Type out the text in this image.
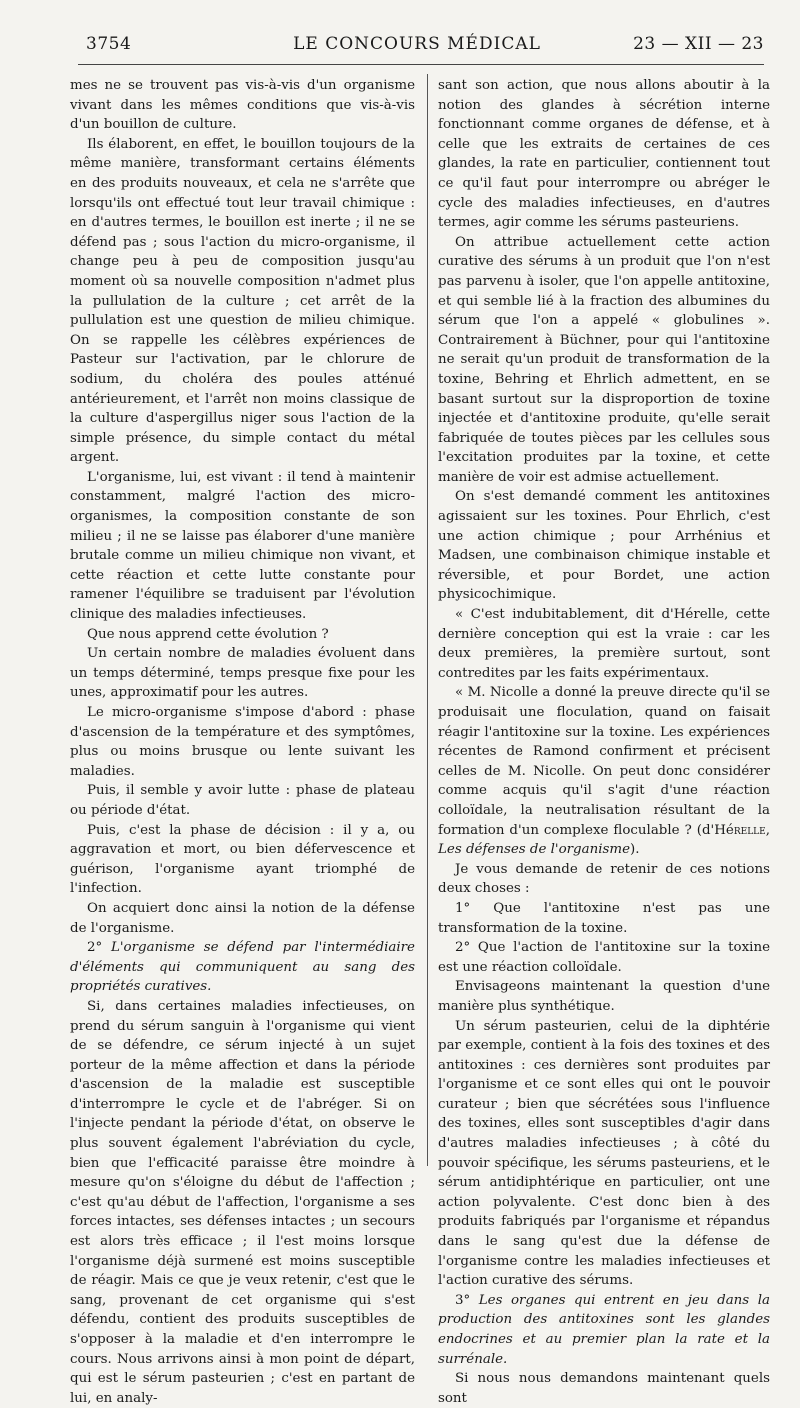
3754	LE CONCOURS MÉDICAL	23 — XII — 23

mes ne se trouvent pas vis-à-vis d'un organisme vivant dans les mêmes conditions que vis-à-vis d'un bouillon de culture.

Ils élaborent, en effet, le bouillon toujours de la même manière, transformant certains éléments en des produits nouveaux, et cela ne s'arrête que lorsqu'ils ont effectué tout leur travail chimique : en d'autres termes, le bouillon est inerte ; il ne se défend pas ; sous l'action du micro-organisme, il change peu à peu de composition jusqu'au moment où sa nouvelle composition n'admet plus la pullulation de la culture ; cet arrêt de la pullulation est une question de milieu chimique. On se rappelle les célèbres expériences de Pasteur sur l'activation, par le chlorure de sodium, du choléra des poules atténué antérieurement, et l'arrêt non moins classique de la culture d'aspergillus niger sous l'action de la simple présence, du simple contact du métal argent.

L'organisme, lui, est vivant : il tend à maintenir constamment, malgré l'action des micro-organismes, la composition constante de son milieu ; il ne se laisse pas élaborer d'une manière brutale comme un milieu chimique non vivant, et cette réaction et cette lutte constante pour ramener l'équilibre se traduisent par l'évolution clinique des maladies infectieuses.

Que nous apprend cette évolution ?

Un certain nombre de maladies évoluent dans un temps déterminé, temps presque fixe pour les unes, approximatif pour les autres.

Le micro-organisme s'impose d'abord : phase d'ascension de la température et des symptômes, plus ou moins brusque ou lente suivant les maladies.

Puis, il semble y avoir lutte : phase de plateau ou période d'état.

Puis, c'est la phase de décision : il y a, ou aggravation et mort, ou bien défervescence et guérison, l'organisme ayant triomphé de l'infection.

On acquiert donc ainsi la notion de la défense de l'organisme.

2° L'organisme se défend par l'intermédiaire d'éléments qui communiquent au sang des propriétés curatives.

Si, dans certaines maladies infectieuses, on prend du sérum sanguin à l'organisme qui vient de se défendre, ce sérum injecté à un sujet porteur de la même affection et dans la période d'ascension de la maladie est susceptible d'interrompre le cycle et de l'abréger. Si on l'injecte pendant la période d'état, on observe le plus souvent également l'abréviation du cycle, bien que l'efficacité paraisse être moindre à mesure qu'on s'éloigne du début de l'affection ; c'est qu'au début de l'affection, l'organisme a ses forces intactes, ses défenses intactes ; un secours est alors très efficace ; il l'est moins lorsque l'organisme déjà surmené est moins susceptible de réagir. Mais ce que je veux retenir, c'est que le sang, provenant de cet organisme qui s'est défendu, contient des produits susceptibles de s'opposer à la maladie et d'en interrompre le cours. Nous arrivons ainsi à mon point de départ, qui est le sérum pasteurien ; c'est en partant de lui, en analy-

sant son action, que nous allons aboutir à la notion des glandes à sécrétion interne fonctionnant comme organes de défense, et à celle que les extraits de certaines de ces glandes, la rate en particulier, contiennent tout ce qu'il faut pour interrompre ou abréger le cycle des maladies infectieuses, en d'autres termes, agir comme les sérums pasteuriens.

On attribue actuellement cette action curative des sérums à un produit que l'on n'est pas parvenu à isoler, que l'on appelle antitoxine, et qui semble lié à la fraction des albumines du sérum que l'on a appelé « globulines ». Contrairement à Büchner, pour qui l'antitoxine ne serait qu'un produit de transformation de la toxine, Behring et Ehrlich admettent, en se basant surtout sur la disproportion de toxine injectée et d'antitoxine produite, qu'elle serait fabriquée de toutes pièces par les cellules sous l'excitation produites par la toxine, et cette manière de voir est admise actuellement.

On s'est demandé comment les antitoxines agissaient sur les toxines. Pour Ehrlich, c'est une action chimique ; pour Arrhénius et Madsen, une combinaison chimique instable et réversible, et pour Bordet, une action physicochimique.

« C'est indubitablement, dit d'Hérelle, cette dernière conception qui est la vraie : car les deux premières, la première surtout, sont contredites par les faits expérimentaux.

« M. Nicolle a donné la preuve directe qu'il se produisait une floculation, quand on faisait réagir l'antitoxine sur la toxine. Les expériences récentes de Ramond confirment et précisent celles de M. Nicolle. On peut donc considérer comme acquis qu'il s'agit d'une réaction colloïdale, la neutralisation résultant de la formation d'un complexe floculable ? (d'Hérelle, Les défenses de l'organisme).

Je vous demande de retenir de ces notions deux choses :

1° Que l'antitoxine n'est pas une transformation de la toxine.

2° Que l'action de l'antitoxine sur la toxine est une réaction colloïdale.

Envisageons maintenant la question d'une manière plus synthétique.

Un sérum pasteurien, celui de la diphtérie par exemple, contient à la fois des toxines et des antitoxines : ces dernières sont produites par l'organisme et ce sont elles qui ont le pouvoir curateur ; bien que sécrétées sous l'influence des toxines, elles sont susceptibles d'agir dans d'autres maladies infectieuses ; à côté du pouvoir spécifique, les sérums pasteuriens, et le sérum antidiphtérique en particulier, ont une action polyvalente. C'est donc bien à des produits fabriqués par l'organisme et répandus dans le sang qu'est due la défense de l'organisme contre les maladies infectieuses et l'action curative des sérums.

3° Les organes qui entrent en jeu dans la production des antitoxines sont les glandes endocrines et au premier plan la rate et la surrénale.

Si nous nous demandons maintenant quels sont
